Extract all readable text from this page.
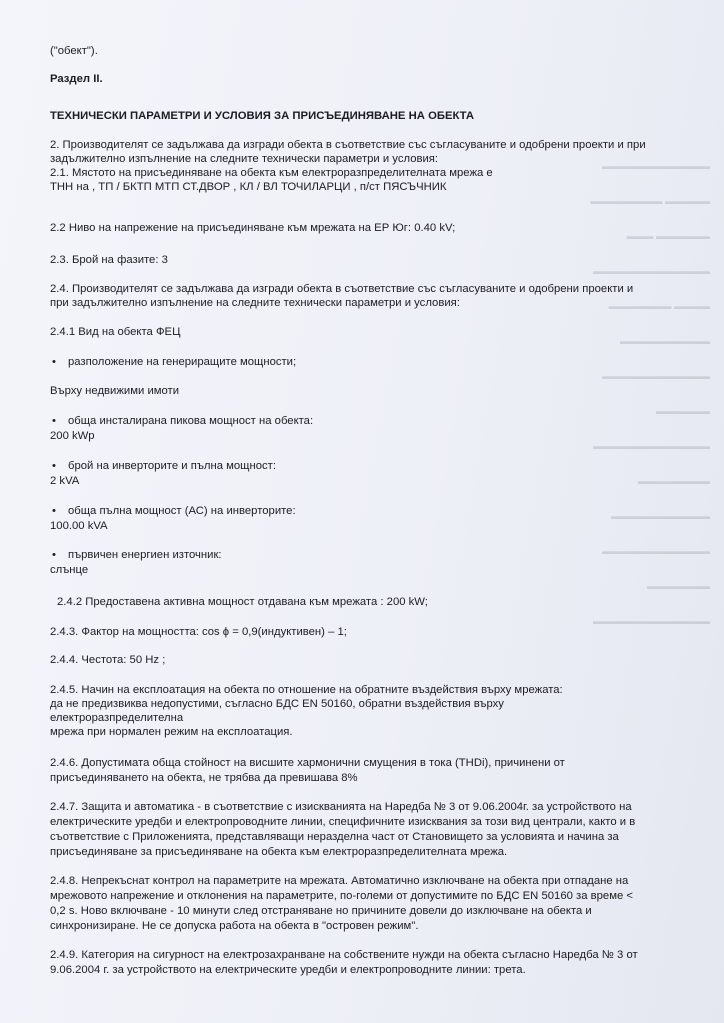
▬▬▬▬▬▬▬▬▬▬▬▬
▬▬▬▬▬ ▬▬▬▬▬▬▬▬
▬▬▬▬▬▬ ▬▬▬
▬▬▬▬▬▬▬▬▬▬▬▬▬
▬▬▬▬ ▬▬▬▬▬▬▬
▬▬▬▬▬▬▬▬▬▬
▬▬▬▬▬▬▬▬▬▬▬▬
▬▬▬▬▬▬
▬▬▬▬▬▬▬▬▬▬▬▬▬
▬▬▬▬▬▬▬▬
▬▬▬▬▬▬▬▬▬▬▬
▬▬▬▬▬▬▬▬▬▬▬▬
▬▬▬▬▬▬▬
▬▬▬▬▬▬▬▬▬▬▬▬▬
("обект").
Раздел II.
ТЕХНИЧЕСКИ ПАРАМЕТРИ И УСЛОВИЯ ЗА ПРИСЪЕДИНЯВАНЕ НА ОБЕКТА
2. Производителят се задължава да изгради обекта в съответствие със съгласуваните и одобрени проекти и при
задължително изпълнение на следните технически параметри и условия:
2.1. Мястото на присъединяване на обекта към електроразпределителната мрежа е
ТНН на , ТП / БКТП МТП СТ.ДВОР , КЛ / ВЛ ТОЧИЛАРЦИ , п/ст ПЯСЪЧНИК
2.2 Ниво на напрежение на присъединяване към мрежата на ЕР Юг: 0.40 kV;
2.3. Брой на фазите: 3
2.4. Производителят се задължава да изгради обекта в съответствие със съгласуваните и одобрени проекти и
при задължително изпълнение на следните технически параметри и условия:
2.4.1 Вид на обекта ФЕЦ
• разположение на генериращите мощности;
Върху недвижими имоти
• обща инсталирана пикова мощност на обекта:
200 kWp
• брой на инверторите и пълна мощност:
2 kVA
• обща пълна мощност (АС) на инверторите:
100.00 kVA
• първичен енергиен източник:
слънце
2.4.2 Предоставена активна мощност отдавана към мрежата : 200 kW;
2.4.3. Фактор на мощността: cos ϕ = 0,9(индуктивен) – 1;
2.4.4. Честота: 50 Hz ;
2.4.5. Начин на експлоатация на обекта по отношение на обратните въздействия върху мрежата:
да не предизвиква недопустими, съгласно БДС EN 50160, обратни въздействия върху
електроразпределителна
мрежа при нормален режим на експлоатация.
2.4.6. Допустимата обща стойност на висшите хармонични смущения в тока (THDi), причинени от
присъединяването на обекта, не трябва да превишава 8%
2.4.7. Защита и автоматика - в съответствие с изискванията на Наредба № 3 от 9.06.2004г. за устройството на
електрическите уредби и електропроводните линии, специфичните изисквания за този вид централи, както и в
съответствие с Приложенията, представляващи неразделна част от Становището за условията и начина за
присъединяване за присъединяване на обекта към електроразпределителната мрежа.
2.4.8. Непрекъснат контрол на параметрите на мрежата. Автоматично изключване на обекта при отпадане на
мрежовото напрежение и отклонения на параметрите, по-големи от допустимите по БДС EN 50160 за време <
0,2 s. Ново включване - 10 минути след отстраняване но причините довели до изключване на обекта и
синхронизиране. Не се допуска работа на обекта в "островен режим".
2.4.9. Категория на сигурност на електрозахранване на собствените нужди на обекта съгласно Наредба № 3 от
9.06.2004 г. за устройството на електрическите уредби и електропроводните линии: трета.
